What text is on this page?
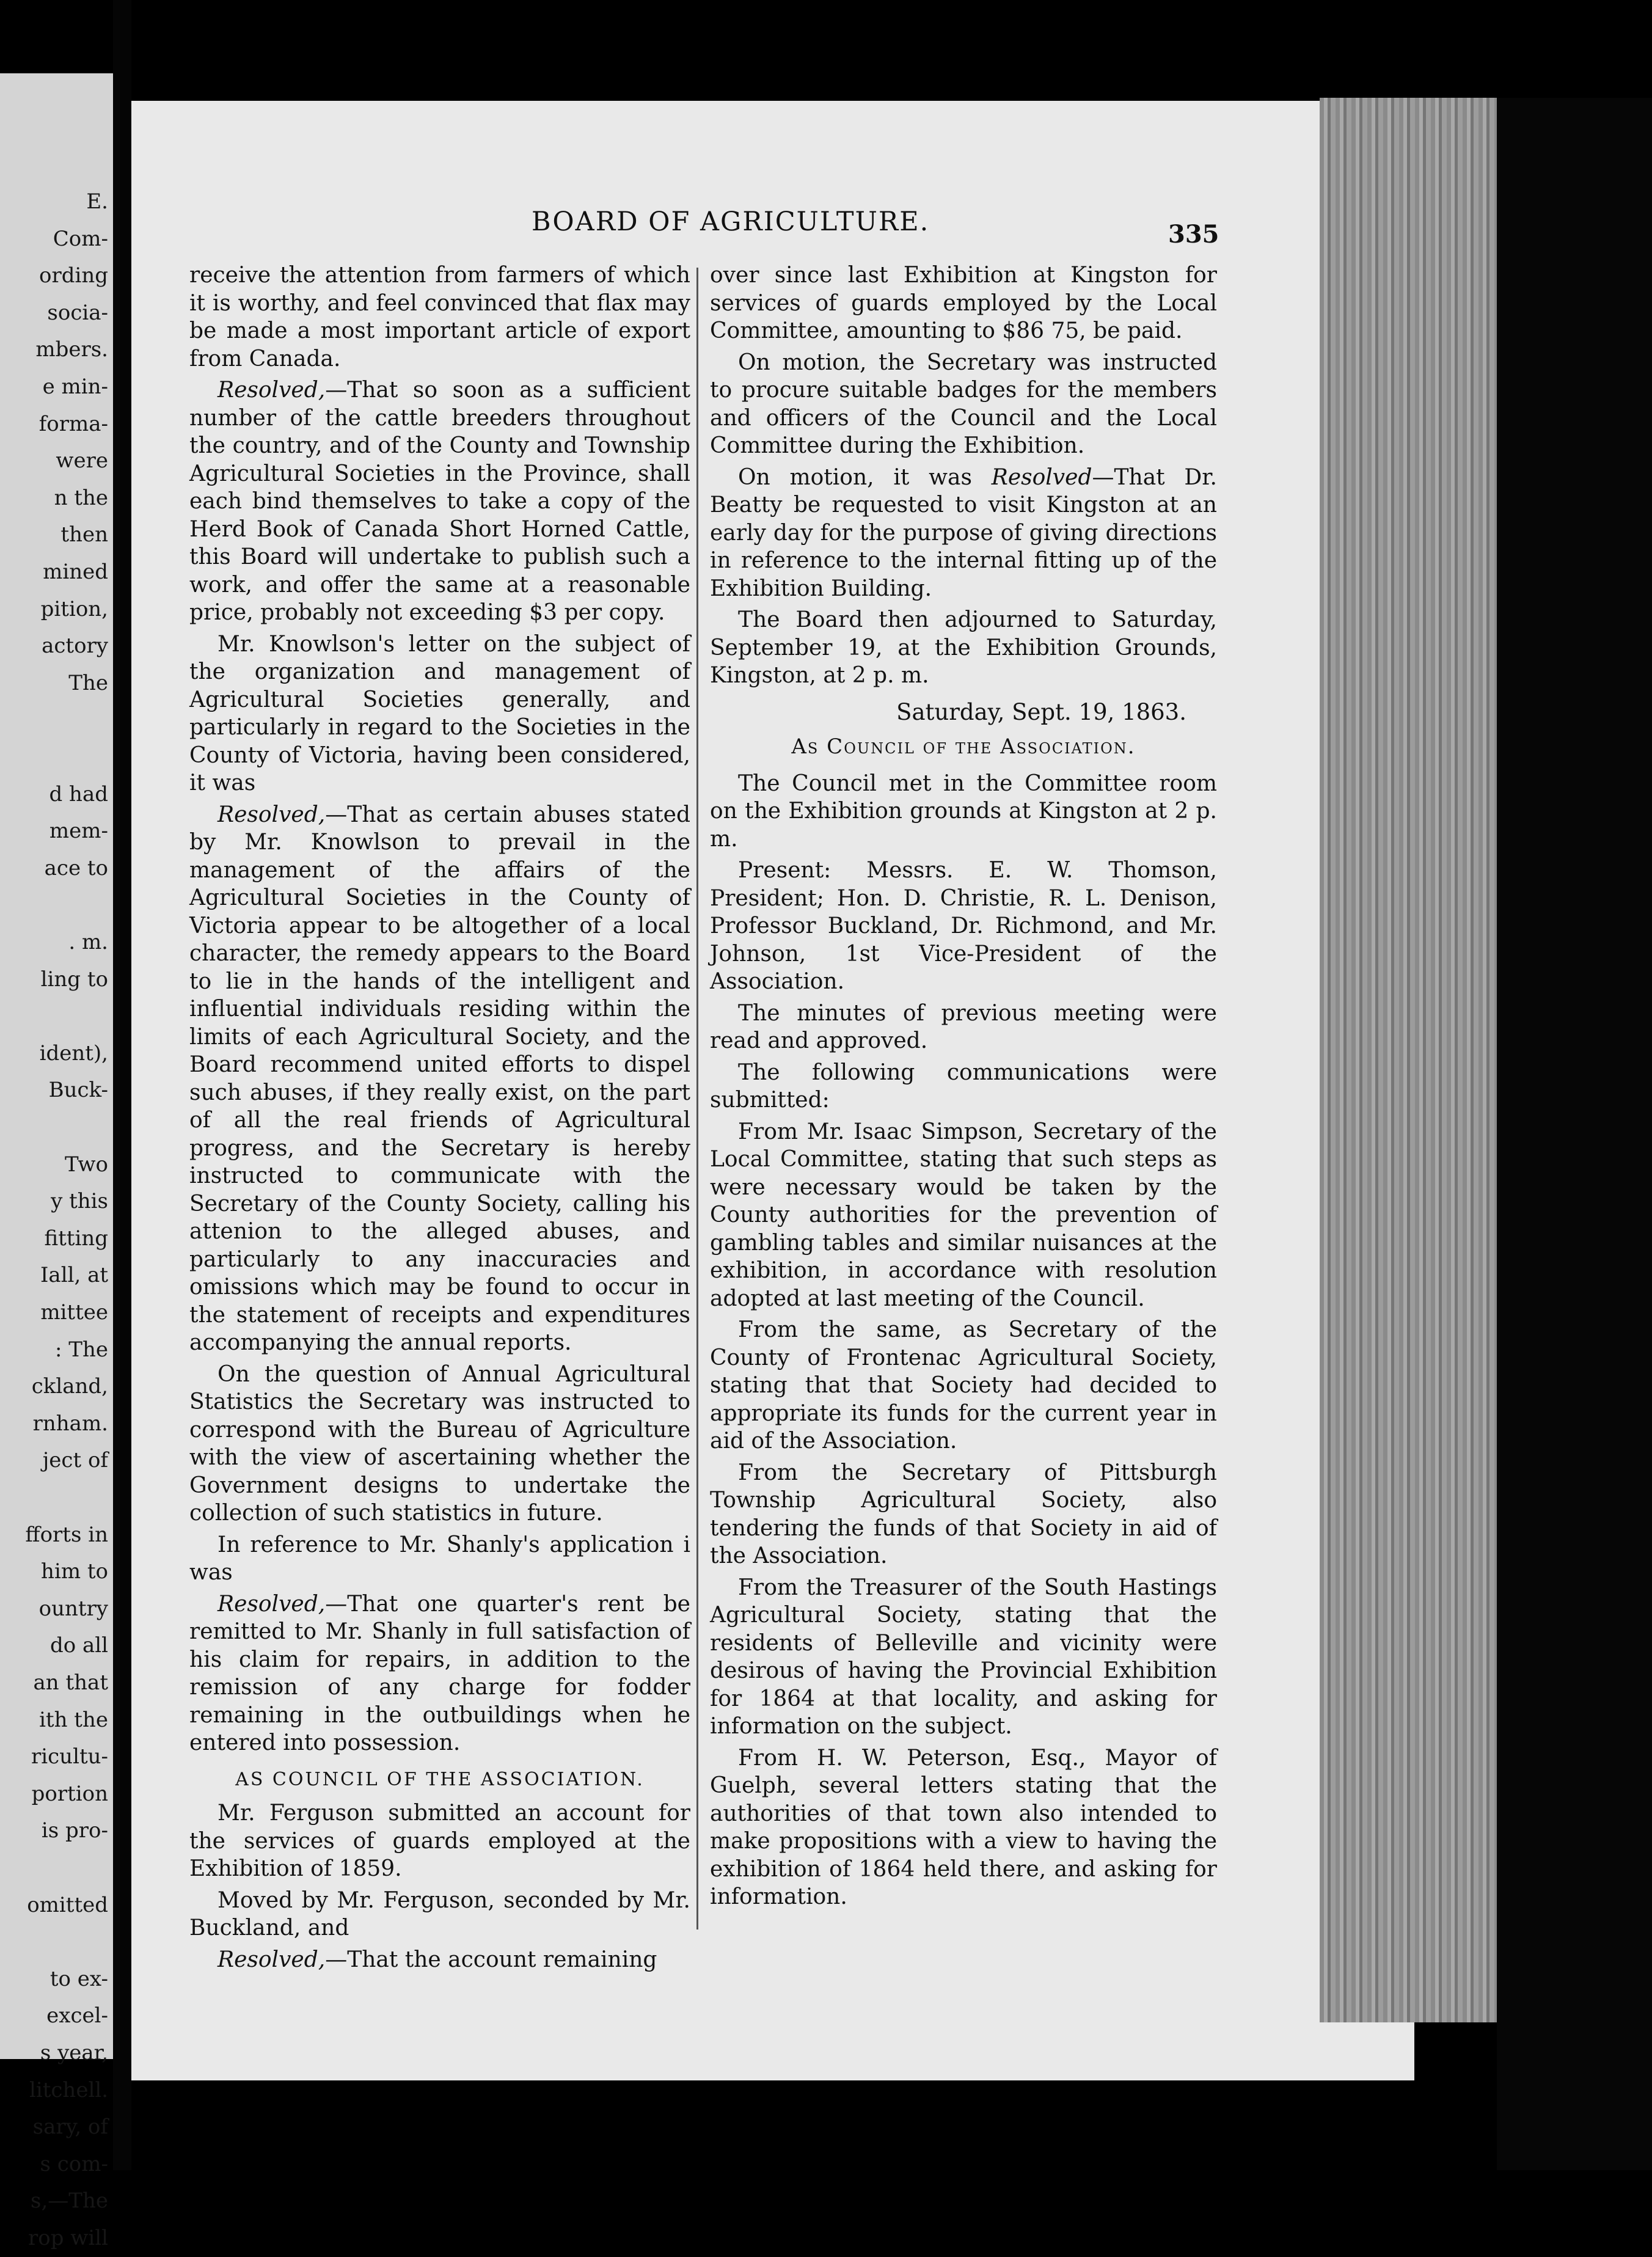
E.
Com-
ording
socia-
mbers.
e min-
forma-
were
n the
then
mined
pition,
actory
The
d had
mem-
ace to
. m.
ling to
ident),
Buck-
Two
y this
fitting
Iall, at
mittee
: The
ckland,
rnham.
ject of
fforts in
him to
ountry
do all
an that
ith the
ricultu-
portion
is pro-
omitted
to ex-
excel-
s year,
litchell.
sary, of
s com-
s,—The
rop will
BOARD OF AGRICULTURE.	335

receive the attention from farmers of which it is worthy, and feel convinced that flax may be made a most important article of export from Canada.

Resolved,—That so soon as a sufficient number of the cattle breeders throughout the country, and of the County and Township Agricultural Societies in the Province, shall each bind themselves to take a copy of the Herd Book of Canada Short Horned Cattle, this Board will undertake to publish such a work, and offer the same at a reasonable price, probably not exceeding $3 per copy.

Mr. Knowlson's letter on the subject of the organization and management of Agricultural Societies generally, and particularly in regard to the Societies in the County of Victoria, having been considered, it was

Resolved,—That as certain abuses stated by Mr. Knowlson to prevail in the management of the affairs of the Agricultural Societies in the County of Victoria appear to be altogether of a local character, the remedy appears to the Board to lie in the hands of the intelligent and influential individuals residing within the limits of each Agricultural Society, and the Board recommend united efforts to dispel such abuses, if they really exist, on the part of all the real friends of Agricultural progress, and the Secretary is hereby instructed to communicate with the Secretary of the County Society, calling his attenion to the alleged abuses, and particularly to any inaccuracies and omissions which may be found to occur in the statement of receipts and expenditures accompanying the annual reports.

On the question of Annual Agricultural Statistics the Secretary was instructed to correspond with the Bureau of Agriculture with the view of ascertaining whether the Government designs to undertake the collection of such statistics in future.

In reference to Mr. Shanly's application i was

Resolved,—That one quarter's rent be remitted to Mr. Shanly in full satisfaction of his claim for repairs, in addition to the remission of any charge for fodder remaining in the outbuildings when he entered into possession.

AS COUNCIL OF THE ASSOCIATION.

Mr. Ferguson submitted an account for the services of guards employed at the Exhibition of 1859.

Moved by Mr. Ferguson, seconded by Mr. Buckland, and

Resolved,—That the account remaining

over since last Exhibition at Kingston for services of guards employed by the Local Committee, amounting to $86 75, be paid.

On motion, the Secretary was instructed to procure suitable badges for the members and officers of the Council and the Local Committee during the Exhibition.

On motion, it was Resolved—That Dr. Beatty be requested to visit Kingston at an early day for the purpose of giving directions in reference to the internal fitting up of the Exhibition Building.

The Board then adjourned to Saturday, September 19, at the Exhibition Grounds, Kingston, at 2 p. m.

Saturday, Sept. 19, 1863.

As Council of the Association.

The Council met in the Committee room on the Exhibition grounds at Kingston at 2 p. m.

Present: Messrs. E. W. Thomson, President; Hon. D. Christie, R. L. Denison, Professor Buckland, Dr. Richmond, and Mr. Johnson, 1st Vice-President of the Association.

The minutes of previous meeting were read and approved.

The following communications were submitted:

From Mr. Isaac Simpson, Secretary of the Local Committee, stating that such steps as were necessary would be taken by the County authorities for the prevention of gambling tables and similar nuisances at the exhibition, in accordance with resolution adopted at last meeting of the Council.

From the same, as Secretary of the County of Frontenac Agricultural Society, stating that that Society had decided to appropriate its funds for the current year in aid of the Association.

From the Secretary of Pittsburgh Township Agricultural Society, also tendering the funds of that Society in aid of the Association.

From the Treasurer of the South Hastings Agricultural Society, stating that the residents of Belleville and vicinity were desirous of having the Provincial Exhibition for 1864 at that locality, and asking for information on the subject.

From H. W. Peterson, Esq., Mayor of Guelph, several letters stating that the authorities of that town also intended to make propositions with a view to having the exhibition of 1864 held there, and asking for information.
